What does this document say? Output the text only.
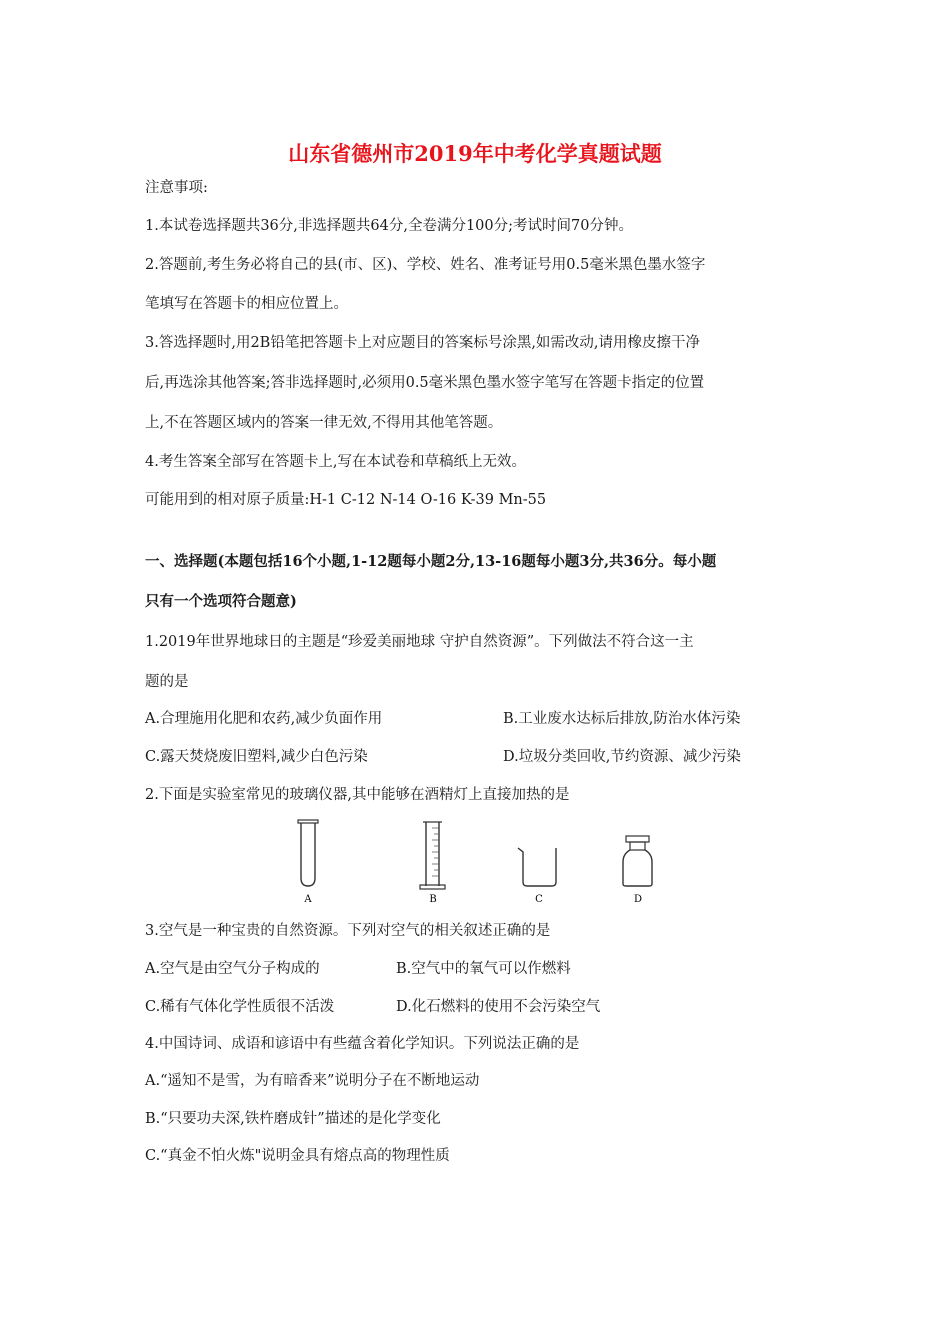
山东省德州市2019年中考化学真题试题
注意事项:
1.本试卷选择题共36分,非选择题共64分,全卷满分100分;考试时间70分钟。
2.答题前,考生务必将自己的县(市、区)、学校、姓名、准考证号用0.5毫米黑色墨水签字
笔填写在答题卡的相应位置上。
3.答选择题时,用2B铅笔把答题卡上对应题目的答案标号涂黑,如需改动,请用橡皮擦干净
后,再选涂其他答案;答非选择题时,必须用0.5毫米黑色墨水签字笔写在答题卡指定的位置
上,不在答题区域内的答案一律无效,不得用其他笔答题。
4.考生答案全部写在答题卡上,写在本试卷和草稿纸上无效。
可能用到的相对原子质量:H-1 C-12 N-14 O-16 K-39 Mn-55
一、选择题(本题包括16个小题,1-12题每小题2分,13-16题每小题3分,共36分。每小题
只有一个选项符合题意)
1.2019年世界地球日的主题是“珍爱美丽地球 守护自然资源”。下列做法不符合这一主
题的是
A.合理施用化肥和农药,减少负面作用	B.工业废水达标后排放,防治水体污染
C.露天焚烧废旧塑料,减少白色污染	D.垃圾分类回收,节约资源、减少污染
2.下面是实验室常见的玻璃仪器,其中能够在酒精灯上直接加热的是
A	B	C	D
3.空气是一种宝贵的自然资源。下列对空气的相关叙述正确的是
A.空气是由空气分子构成的	B.空气中的氧气可以作燃料
C.稀有气体化学性质很不活泼	D.化石燃料的使用不会污染空气
4.中国诗词、成语和谚语中有些蕴含着化学知识。下列说法正确的是
A.“遥知不是雪，为有暗香来”说明分子在不断地运动
B.“只要功夫深,铁杵磨成针”描述的是化学变化
C.“真金不怕火炼"说明金具有熔点高的物理性质
